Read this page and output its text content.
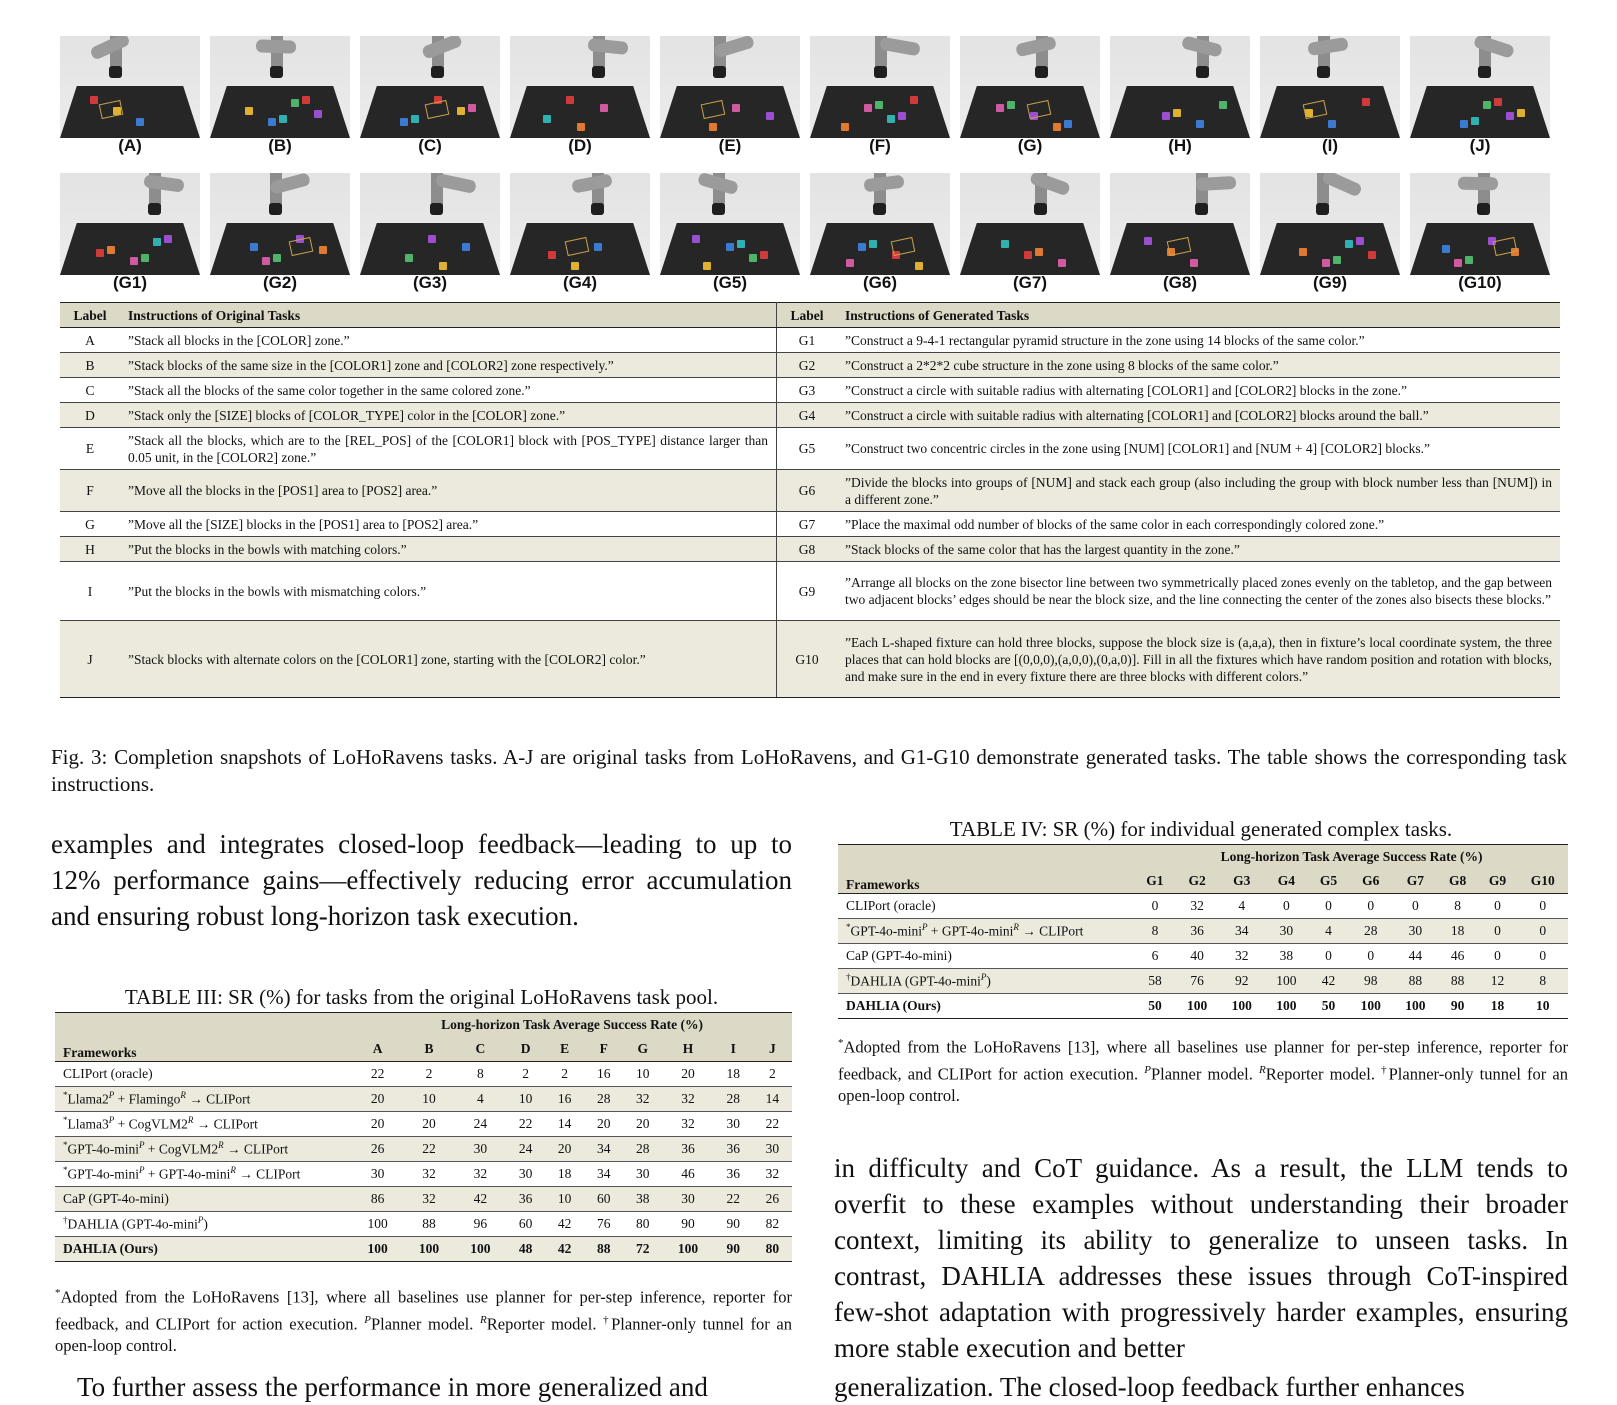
(A)	(B)	(C)	(D)	(E)	(F)	(G)	(H)	(I)	(J)
(G1)	(G2)	(G3)	(G4)	(G5)	(G6)	(G7)	(G8)	(G9)	(G10)
Label	Instructions of Original Tasks	Label	Instructions of Generated Tasks
A	”Stack all blocks in the [COLOR] zone.”	G1	”Construct a 9-4-1 rectangular pyramid structure in the zone using 14 blocks of the same color.”
B	”Stack blocks of the same size in the [COLOR1] zone and [COLOR2] zone respectively.”	G2	”Construct a 2*2*2 cube structure in the zone using 8 blocks of the same color.”
C	”Stack all the blocks of the same color together in the same colored zone.”	G3	”Construct a circle with suitable radius with alternating [COLOR1] and [COLOR2] blocks in the zone.”
D	”Stack only the [SIZE] blocks of [COLOR_TYPE] color in the [COLOR] zone.”	G4	”Construct a circle with suitable radius with alternating [COLOR1] and [COLOR2] blocks around the ball.”
E	”Stack all the blocks, which are to the [REL_POS] of the [COLOR1] block with [POS_TYPE] distance larger than 0.05 unit, in the [COLOR2] zone.”	G5	”Construct two concentric circles in the zone using [NUM] [COLOR1] and [NUM + 4] [COLOR2] blocks.”
F	”Move all the blocks in the [POS1] area to [POS2] area.”	G6	”Divide the blocks into groups of [NUM] and stack each group (also including the group with block number less than [NUM]) in a different zone.”
G	”Move all the [SIZE] blocks in the [POS1] area to [POS2] area.”	G7	”Place the maximal odd number of blocks of the same color in each correspondingly colored zone.”
H	”Put the blocks in the bowls with matching colors.”	G8	”Stack blocks of the same color that has the largest quantity in the zone.”
I	”Put the blocks in the bowls with mismatching colors.”	G9	”Arrange all blocks on the zone bisector line between two symmetrically placed zones evenly on the tabletop, and the gap between two adjacent blocks’ edges should be near the block size, and the line connecting the center of the zones also bisects these blocks.”
J	”Stack blocks with alternate colors on the [COLOR1] zone, starting with the [COLOR2] color.”	G10	”Each L-shaped fixture can hold three blocks, suppose the block size is (a,a,a), then in fixture’s local coordinate system, the three places that can hold blocks are [(0,0,0),(a,0,0),(0,a,0)]. Fill in all the fixtures which have random position and rotation with blocks, and make sure in the end in every fixture there are three blocks with different colors.”
Fig. 3: Completion snapshots of LoHoRavens tasks. A-J are original tasks from LoHoRavens, and G1-G10 demonstrate generated tasks. The table shows the corresponding task instructions.
examples and integrates closed-loop feedback—leading to up to 12% performance gains—effectively reducing error accumulation and ensuring robust long-horizon task execution.
TABLE III: SR (%) for tasks from the original LoHoRavens task pool.
	Long-horizon Task Average Success Rate (%)									
Frameworks	A	B	C	D	E	F	G	H	I	J
CLIPort (oracle)	22	2	8	2	2	16	10	20	18	2
$^*Llama2^P$ + Flamingo$^R$ → CLIPort	20	10	4	10	16	28	32	32	28	14
$^*Llama3^P$ + $CogVLM2^R$ → CLIPort	20	20	24	22	14	20	20	32	30	22
$^*GPT-4o-\min i^P + CogVLM2^R$ → CLIPort	26	22	30	24	20	34	28	36	36	30
*GPT-4o-mini$^P$ + GPT-4o-mini$^R$ → CLIPort	30	32	32	30	18	34	30	46	36	32
CaP (GPT-4o-mini)	86	32	42	36	10	60	38	30	22	26
†DAHLIA (GPT-4o-mini$^P$)	100	88	96	60	42	76	80	90	90	82
DAHLIA (Ours)	100	100	100	48	42	88	72	100	90	80
*Adopted from the LoHoRavens [13], where all baselines use planner for per-step inference, reporter for feedback, and CLIPort for action execution. $^P$Planner model. $^R$Reporter model. †Planner-only tunnel for an open-loop control.
To further assess the performance in more generalized and
TABLE IV: SR (%) for individual generated complex tasks.
	Long-horizon Task Average Success Rate (%)									
Frameworks	G1	G2	G3	G4	G5	G6	G7	G8	G9	G10
CLIPort (oracle)	0	32	4	0	0	0	0	8	0	0
*GPT-4o-mini$^P$ + GPT-4o-mini$^R$ → CLIPort	8	36	34	30	4	28	30	18	0	0
CaP (GPT-4o-mini)	6	40	32	38	0	0	44	46	0	0
†DAHLIA (GPT-4o-mini$^P$)	58	76	92	100	42	98	88	88	12	8
DAHLIA (Ours)	50	100	100	100	50	100	100	90	18	10
*Adopted from the LoHoRavens [13], where all baselines use planner for per-step inference, reporter for feedback, and CLIPort for action execution. $^P$Planner model. $^R$Reporter model. †Planner-only tunnel for an open-loop control.
in difficulty and CoT guidance. As a result, the LLM tends to overfit to these examples without understanding their broader context, limiting its ability to generalize to unseen tasks. In contrast, DAHLIA addresses these issues through CoT-inspired few-shot adaptation with progressively harder examples, ensuring more stable execution and better
generalization. The closed-loop feedback further enhances
